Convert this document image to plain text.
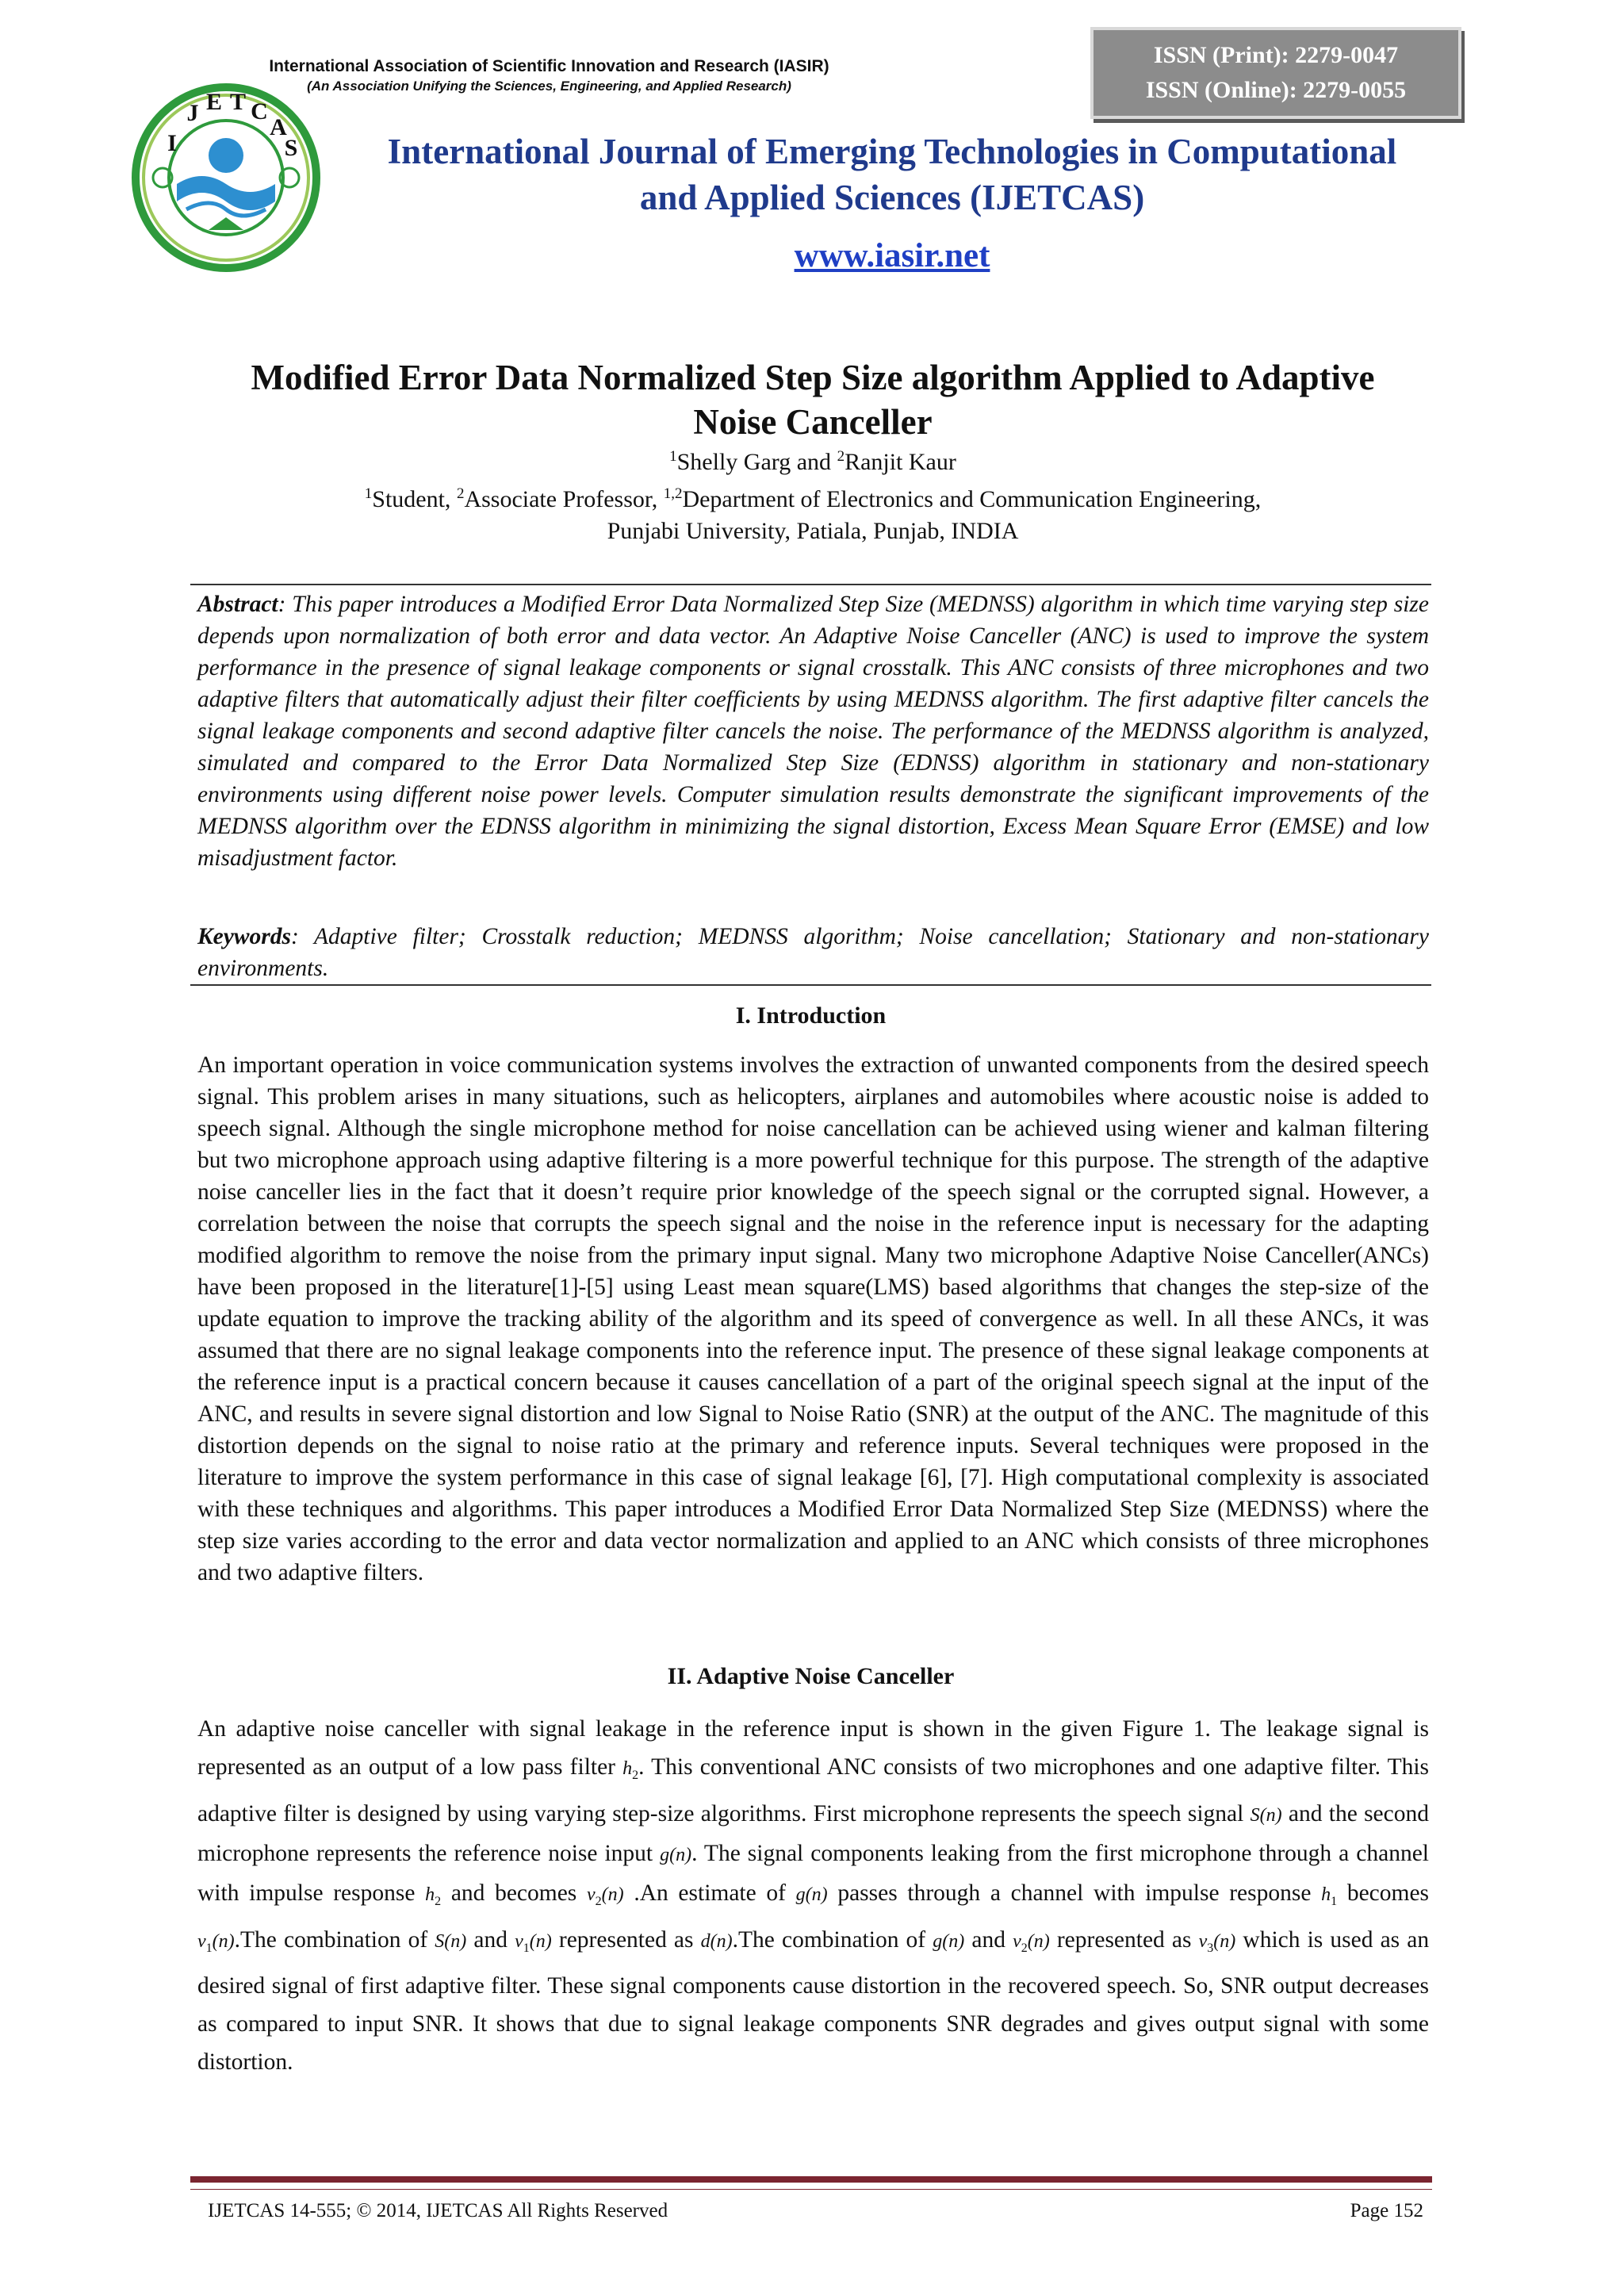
International Association of Scientific Innovation and Research (IASIR)
(An Association Unifying the Sciences, Engineering, and Applied Research)
ISSN (Print): 2279-0047
ISSN (Online): 2279-0055
I
J E T C
A
S	International Journal of Emerging Technologies in Computational
and Applied Sciences (IJETCAS)
www.iasir.net
Modified Error Data Normalized Step Size algorithm Applied to Adaptive
Noise Canceller
$^1$Shelly Garg and $^2$Ranjit Kaur
$^1$Student, $^2$Associate Professor, $^{1,2}$Department of Electronics and Communication Engineering,
Punjabi University, Patiala, Punjab, INDIA

Abstract: This paper introduces a Modified Error Data Normalized Step Size (MEDNSS) algorithm in which time varying step size depends upon normalization of both error and data vector. An Adaptive Noise Canceller (ANC) is used to improve the system performance in the presence of signal leakage components or signal crosstalk. This ANC consists of three microphones and two adaptive filters that automatically adjust their filter coefficients by using MEDNSS algorithm. The first adaptive filter cancels the signal leakage components and second adaptive filter cancels the noise. The performance of the MEDNSS algorithm is analyzed, simulated and compared to the Error Data Normalized Step Size (EDNSS) algorithm in stationary and non-stationary environments using different noise power levels. Computer simulation results demonstrate the significant improvements of the MEDNSS algorithm over the EDNSS algorithm in minimizing the signal distortion, Excess Mean Square Error (EMSE) and low misadjustment factor.

Keywords: Adaptive filter; Crosstalk reduction; MEDNSS algorithm; Noise cancellation; Stationary and non-stationary environments.

I. Introduction

An important operation in voice communication systems involves the extraction of unwanted components from the desired speech signal. This problem arises in many situations, such as helicopters, airplanes and automobiles where acoustic noise is added to speech signal. Although the single microphone method for noise cancellation can be achieved using wiener and kalman filtering but two microphone approach using adaptive filtering is a more powerful technique for this purpose. The strength of the adaptive noise canceller lies in the fact that it doesn’t require prior knowledge of the speech signal or the corrupted signal. However, a correlation between the noise that corrupts the speech signal and the noise in the reference input is necessary for the adapting modified algorithm to remove the noise from the primary input signal. Many two microphone Adaptive Noise Canceller(ANCs) have been proposed in the literature[1]-[5] using Least mean square(LMS) based algorithms that changes the step-size of the update equation to improve the tracking ability of the algorithm and its speed of convergence as well. In all these ANCs, it was assumed that there are no signal leakage components into the reference input. The presence of these signal leakage components at the reference input is a practical concern because it causes cancellation of a part of the original speech signal at the input of the ANC, and results in severe signal distortion and low Signal to Noise Ratio (SNR) at the output of the ANC. The magnitude of this distortion depends on the signal to noise ratio at the primary and reference inputs. Several techniques were proposed in the literature to improve the system performance in this case of signal leakage [6], [7]. High computational complexity is associated with these techniques and algorithms. This paper introduces a Modified Error Data Normalized Step Size (MEDNSS) where the step size varies according to the error and data vector normalization and applied to an ANC which consists of three microphones and two adaptive filters.

II. Adaptive Noise Canceller

An adaptive noise canceller with signal leakage in the reference input is shown in the given Figure 1. The leakage signal is represented as an output of a low pass filter $h_2$. This conventional ANC consists of two microphones and one adaptive filter. This adaptive filter is designed by using varying step-size algorithms. First microphone represents the speech signal S(n) and the second microphone represents the reference noise input g(n). The signal components leaking from the first microphone through a channel with impulse response $h_2$ and becomes $v_2(n)$ .An estimate of g(n) passes through a channel with impulse response $h_1$ becomes $v_1(n).The$ combination of S(n) and $v_1(n)$ represented as d(n).The combination of g(n) and $v_2(n)$ represented as $v_3(n)$ which is used as an desired signal of first adaptive filter. These signal components cause distortion in the recovered speech. So, SNR output decreases as compared to input SNR. It shows that due to signal leakage components SNR degrades and gives output signal with some distortion.

IJETCAS 14-555; © 2014, IJETCAS All Rights Reserved	Page 152
